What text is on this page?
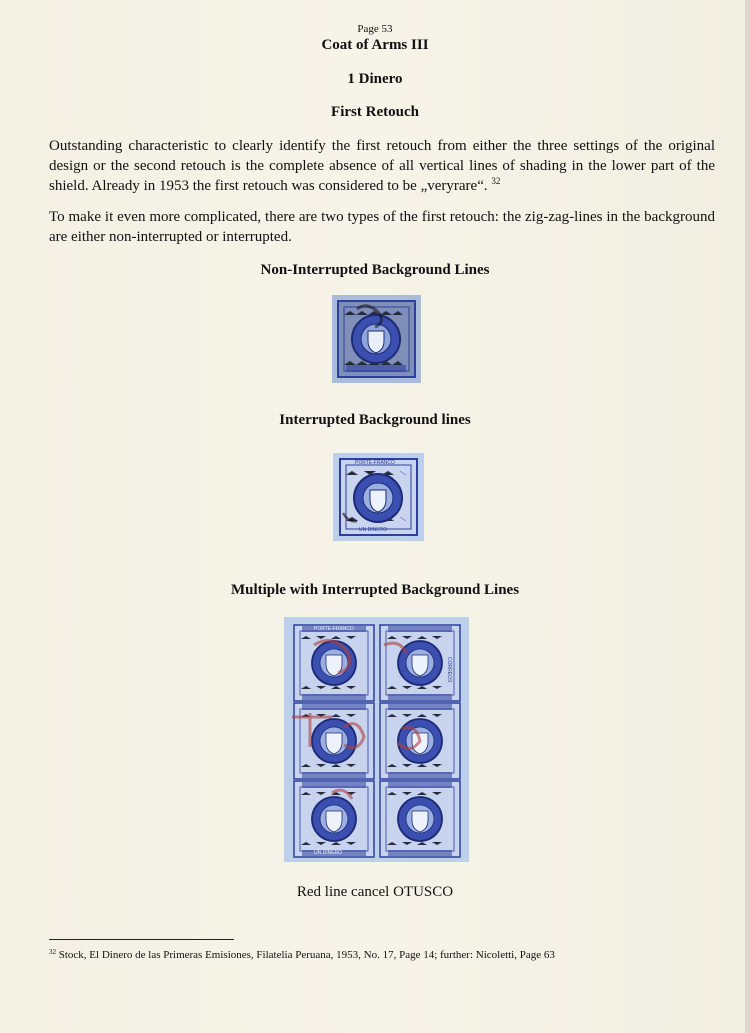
Page 53
Coat of Arms III
1 Dinero
First Retouch

Outstanding characteristic to clearly identify the first retouch from either the three settings of the original design or the second retouch is the complete absence of all vertical lines of shading in the lower part of the shield. Already in 1953 the first retouch was considered to be „veryrare“. $^{32}$

To make it even more complicated, there are two types of the first retouch: the zig-zag-lines in the background are either non-interrupted or interrupted.

Non-Interrupted Background Lines
Interrupted Background lines
PORTE-FRANCO
UN DINERO
Multiple with Interrupted Background Lines
PORTE-FRANCO
UN DINERO
CORREOS
Red line cancel OTUSCO
$^{32}$ Stock, El Dinero de las Primeras Emisiones, Filatelia Peruana, 1953, No. 17, Page 14; further: Nicoletti, Page 63
